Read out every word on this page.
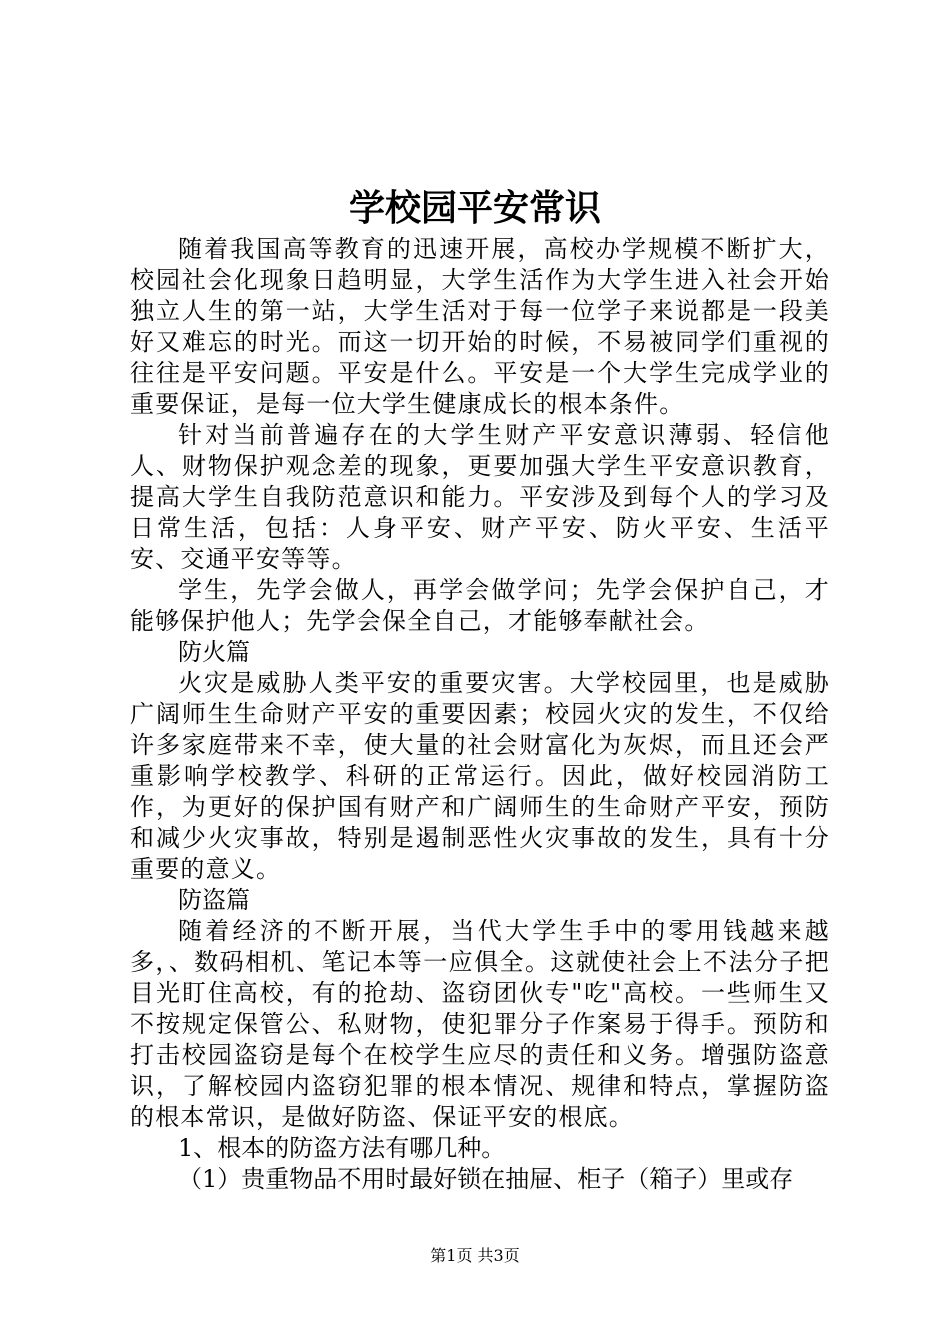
学校园平安常识

随着我国高等教育的迅速开展，高校办学规模不断扩大，校园社会化现象日趋明显，大学生活作为大学生进入社会开始独立人生的第一站，大学生活对于每一位学子来说都是一段美好又难忘的时光。而这一切开始的时候，不易被同学们重视的往往是平安问题。平安是什么。平安是一个大学生完成学业的重要保证，是每一位大学生健康成长的根本条件。

针对当前普遍存在的大学生财产平安意识薄弱、轻信他人、财物保护观念差的现象，更要加强大学生平安意识教育，提高大学生自我防范意识和能力。平安涉及到每个人的学习及日常生活，包括：人身平安、财产平安、防火平安、生活平安、交通平安等等。

学生，先学会做人，再学会做学问；先学会保护自己，才能够保护他人；先学会保全自己，才能够奉献社会。

防火篇

火灾是威胁人类平安的重要灾害。大学校园里，也是威胁广阔师生生命财产平安的重要因素；校园火灾的发生，不仅给许多家庭带来不幸，使大量的社会财富化为灰烬，而且还会严重影响学校教学、科研的正常运行。因此，做好校园消防工作，为更好的保护国有财产和广阔师生的生命财产平安，预防和减少火灾事故，特别是遏制恶性火灾事故的发生，具有十分重要的意义。

防盗篇

随着经济的不断开展，当代大学生手中的零用钱越来越多，、数码相机、笔记本等一应俱全。这就使社会上不法分子把目光盯住高校，有的抢劫、盗窃团伙专"吃"高校。一些师生又不按规定保管公、私财物，使犯罪分子作案易于得手。预防和打击校园盗窃是每个在校学生应尽的责任和义务。增强防盗意识，了解校园内盗窃犯罪的根本情况、规律和特点，掌握防盗的根本常识，是做好防盗、保证平安的根底。

1、根本的防盗方法有哪几种。

（1）贵重物品不用时最好锁在抽屉、柜子（箱子）里或存

第1页 共3页
